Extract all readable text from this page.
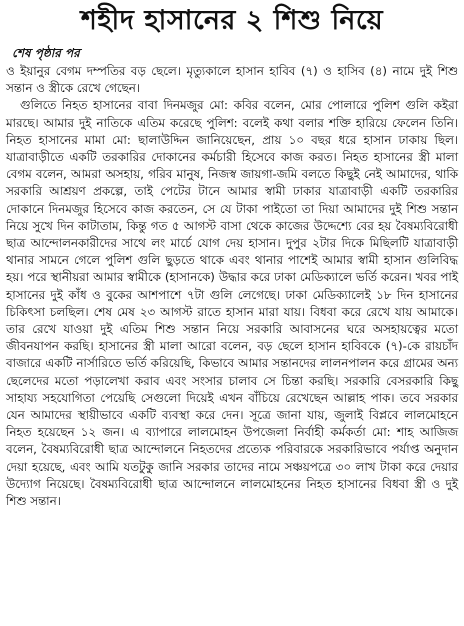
শহীদ হাসানের ২ শিশু নিয়ে
শেষ পৃষ্ঠার পর

ও ইয়ানুর বেগম দম্পতির বড় ছেলে। মৃত্যুকালে হাসান হাবিব (৭) ও হাসিব (৪) নামে দুই শিশু সন্তান ও স্ত্রীকে রেখে গেছেন।

গুলিতে নিহত হাসানের বাবা দিনমজুর মো: কবির বলেন, মোর পোলারে পুলিশ গুলি কইরা মারছে। আমার দুই নাতিকে এতিম করেছে পুলিশ: বলেই কথা বলার শক্তি হারিয়ে ফেলেন তিনি। নিহত হাসানের মামা মো: ছালাউদ্দিন জানিয়েছেন, প্রায় ১০ বছর ধরে হাসান ঢাকায় ছিল। যাত্রাবাড়ীতে একটি তরকারির দোকানের কর্মচারী হিসেবে কাজ করত। নিহত হাসানের স্ত্রী মালা বেগম বলেন, আমরা অসহায়, গরিব মানুষ, নিজস্ব জায়গা-জমি বলতে কিছুই নেই আমাদের, থাকি সরকারি আশ্রয়ণ প্রকল্পে, তাই পেটের টানে আমার স্বামী ঢাকার যাত্রাবাড়ী একটি তরকারির দোকানে দিনমজুর হিসেবে কাজ করতেন, সে যে টাকা পাইতো তা দিয়া আমাদের দুই শিশু সন্তান নিয়ে সুখে দিন কাটাতাম, কিন্তু গত ৫ আগস্ট বাসা থেকে কাজের উদ্দেশ্যে বের হয় বৈষম্যবিরোধী ছাত্র আন্দোলনকারীদের সাথে লং মার্চে যোগ দেয় হাসান। দুপুর ২টার দিকে মিছিলটি যাত্রাবাড়ী থানার সামনে গেলে পুলিশ গুলি ছুড়তে থাকে এবং থানার পাশেই আমার স্বামী হাসান গুলিবিদ্ধ হয়। পরে স্থানীয়রা আমার স্বামীকে (হাসানকে) উদ্ধার করে ঢাকা মেডিক্যালে ভর্তি করেন। খবর পাই হাসানের দুই কাঁধ ও বুকের আশপাশে ৭টা গুলি লেগেছে। ঢাকা মেডিক্যালেই ১৮ দিন হাসানের চিকিৎসা চলছিল। শেষ মেষ ২৩ আগস্ট রাতে হাসান মারা যায়। বিধবা করে রেখে যায় আমাকে। তার রেখে যাওয়া দুই এতিম শিশু সন্তান নিয়ে সরকারি আবাসনের ঘরে অসহায়ত্বের মতো জীবনযাপন করছি। হাসানের স্ত্রী মালা আরো বলেন, বড় ছেলে হাসান হাবিবকে (৭)-কে রায়চাঁদ বাজারে একটি নার্সারিতে ভর্তি করিয়েছি, কিভাবে আমার সন্তানদের লালনপালন করে গ্রামের অন্য ছেলেদের মতো পড়ালেখা করাব এবং সংসার চালাব সে চিন্তা করছি। সরকারি বেসরকারি কিছু সাহায্য সহযোগিতা পেয়েছি সেগুলো দিয়েই এখন বাঁচিয়ে রেখেছেন আল্লাহ পাক। তবে সরকার যেন আমাদের স্থায়ীভাবে একটি ব্যবস্থা করে দেন। সূত্রে জানা যায়, জুলাই বিপ্লবে লালমোহনে নিহত হয়েছেন ১২ জন। এ ব্যাপারে লালমোহন উপজেলা নির্বাহী কর্মকর্তা মো: শাহ আজিজ বলেন, বৈষম্যবিরোধী ছাত্র আন্দোলনে নিহতদের প্রত্যেক পরিবারকে সরকারিভাবে পর্যাপ্ত অনুদান দেয়া হয়েছে, এবং আমি যতটুকু জানি সরকার তাদের নামে সঞ্চয়পত্রে ৩০ লাখ টাকা করে দেয়ার উদ্যোগ নিয়েছে। বৈষম্যবিরোধী ছাত্র আন্দোলনে লালমোহনের নিহত হাসানের বিধবা স্ত্রী ও দুই শিশু সন্তান।
